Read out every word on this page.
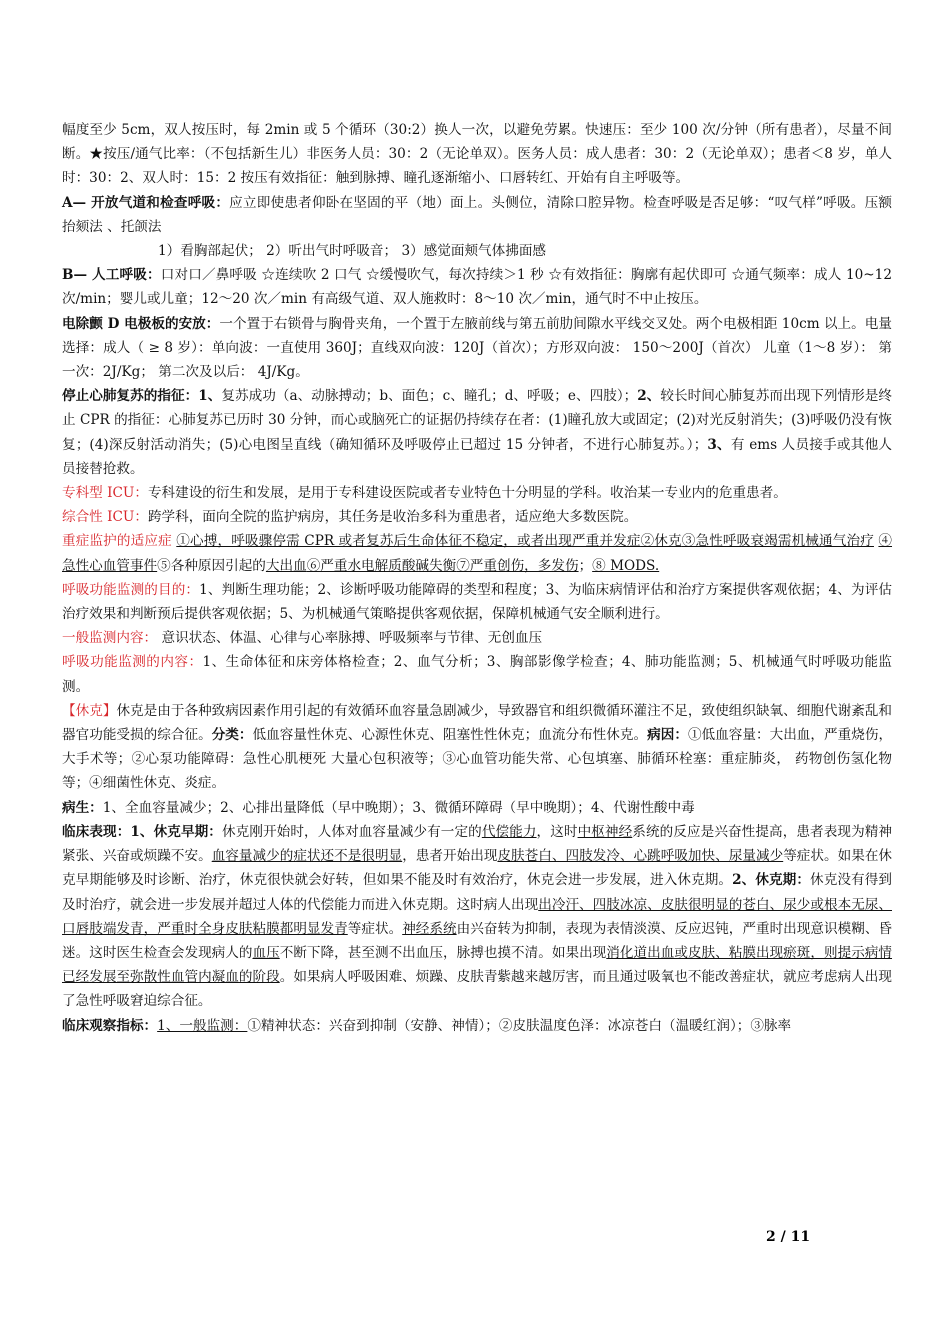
幅度至少 5cm，双人按压时，每 2min 或 5 个循环（30:2）换人一次，以避免劳累。快速压：至少 100 次/分钟（所有患者），尽量不间断。★按压/通气比率：（不包括新生儿）非医务人员：30：2（无论单双）。医务人员：成人患者：30：2（无论单双）；患者＜8 岁，单人时：30：2、双人时：15：2 按压有效指征：触到脉搏、瞳孔逐渐缩小、口唇转红、开始有自主呼吸等。

A— 开放气道和检查呼吸：应立即使患者仰卧在坚固的平（地）面上。头侧位，清除口腔异物。检查呼吸是否足够：“叹气样”呼吸。压额抬颏法 、托颌法

1）看胸部起伏； 2）听出气时呼吸音； 3）感觉面颊气体拂面感

B— 人工呼吸：口对口／鼻呼吸 ☆连续吹 2 口气 ☆缓慢吹气，每次持续＞1 秒 ☆有效指征：胸廓有起伏即可 ☆通气频率：成人 10~12 次/min；婴儿或儿童；12～20 次／min 有高级气道、双人施救时：8～10 次／min，通气时不中止按压。

电除颤 D 电极板的安放：一个置于右锁骨与胸骨夹角，一个置于左腋前线与第五前肋间隙水平线交叉处。两个电极相距 10cm 以上。电量选择：成人（ ≥ 8 岁）：单向波：一直使用 360J；直线双向波：120J（首次）；方形双向波： 150～200J（首次） 儿童（1～8 岁）： 第一次：2J/Kg； 第二次及以后： 4J/Kg。

停止心肺复苏的指征：1、复苏成功（a、动脉搏动；b、面色；c、瞳孔；d、呼吸；e、四肢）；2、较长时间心肺复苏而出现下列情形是终止 CPR 的指征：心肺复苏已历时 30 分钟，而心或脑死亡的证据仍持续存在者：(1)瞳孔放大或固定；(2)对光反射消失；(3)呼吸仍没有恢复；(4)深反射活动消失；(5)心电图呈直线（确知循环及呼吸停止已超过 15 分钟者，不进行心肺复苏。）；3、有 ems 人员接手或其他人员接替抢救。

专科型 ICU：专科建设的衍生和发展，是用于专科建设医院或者专业特色十分明显的学科。收治某一专业内的危重患者。

综合性 ICU：跨学科，面向全院的监护病房，其任务是收治多科为重患者，适应绝大多数医院。

重症监护的适应症 ①心搏，呼吸骤停需 CPR 或者复苏后生命体征不稳定，或者出现严重并发症②休克③急性呼吸衰竭需机械通气治疗 ④急性心血管事件⑤各种原因引起的大出血⑥严重水电解质酸碱失衡⑦严重创伤，多发伤；⑧ MODS.

呼吸功能监测的目的：1、判断生理功能；2、诊断呼吸功能障碍的类型和程度；3、为临床病情评估和治疗方案提供客观依据；4、为评估治疗效果和判断预后提供客观依据；5、为机械通气策略提供客观依据，保障机械通气安全顺利进行。

一般监测内容： 意识状态、体温、心律与心率脉搏、呼吸频率与节律、无创血压

呼吸功能监测的内容：1、生命体征和床旁体格检查；2、血气分析；3、胸部影像学检查；4、肺功能监测；5、机械通气时呼吸功能监测。

【休克】休克是由于各种致病因素作用引起的有效循环血容量急剧减少，导致器官和组织微循环灌注不足，致使组织缺氧、细胞代谢紊乱和器官功能受损的综合征。分类：低血容量性休克、心源性休克、阻塞性性休克；血流分布性休克。病因：①低血容量：大出血，严重烧伤，大手术等；②心泵功能障碍：急性心肌梗死 大量心包积液等；③心血管功能失常、心包填塞、肺循环栓塞：重症肺炎， 药物创伤氢化物等；④细菌性休克、炎症。

病生：1、全血容量减少；2、心排出量降低（早中晚期）；3、微循环障碍（早中晚期）；4、代谢性酸中毒

临床表现：1、休克早期：休克刚开始时，人体对血容量减少有一定的代偿能力，这时中枢神经系统的反应是兴奋性提高，患者表现为精神紧张、兴奋或烦躁不安。血容量减少的症状还不是很明显，患者开始出现皮肤苍白、四肢发冷、心跳呼吸加快、尿量减少等症状。如果在休克早期能够及时诊断、治疗，休克很快就会好转，但如果不能及时有效治疗，休克会进一步发展，进入休克期。2、休克期：休克没有得到及时治疗，就会进一步发展并超过人体的代偿能力而进入休克期。这时病人出现出冷汗、四肢冰凉、皮肤很明显的苍白、尿少或根本无尿、口唇肢端发青，严重时全身皮肤粘膜都明显发青等症状。神经系统由兴奋转为抑制，表现为表情淡漠、反应迟钝，严重时出现意识模糊、昏迷。这时医生检查会发现病人的血压不断下降，甚至测不出血压，脉搏也摸不清。如果出现消化道出血或皮肤、粘膜出现瘀斑，则提示病情已经发展至弥散性血管内凝血的阶段。如果病人呼吸困难、烦躁、皮肤青紫越来越厉害，而且通过吸氧也不能改善症状，就应考虑病人出现了急性呼吸窘迫综合征。

临床观察指标：1、一般监测：①精神状态：兴奋到抑制（安静、神情）；②皮肤温度色泽：冰凉苍白（温暖红润）；③脉率

2 / 11
